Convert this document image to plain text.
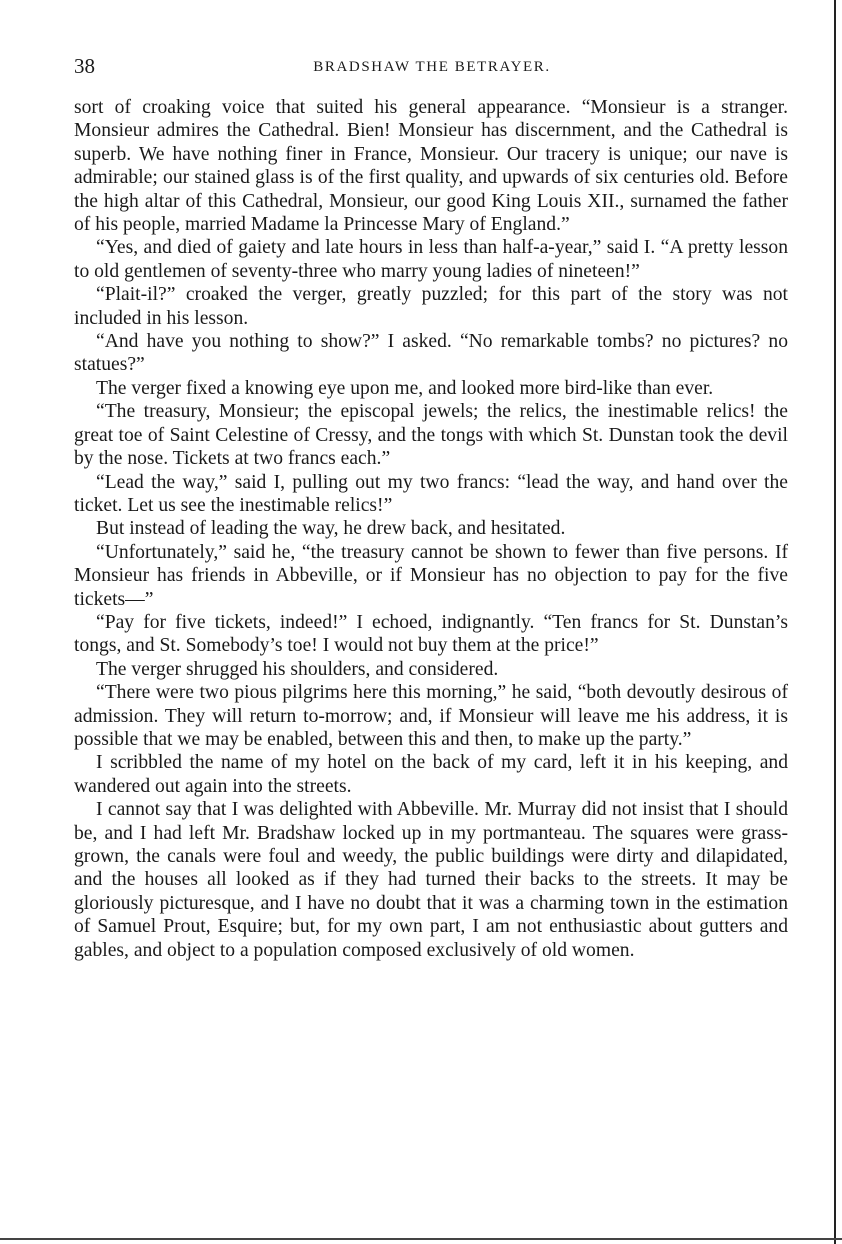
38	BRADSHAW THE BETRAYER.

sort of croaking voice that suited his general appearance. “Monsieur is a stranger. Monsieur admires the Cathedral. Bien! Monsieur has discernment, and the Cathedral is superb. We have nothing finer in France, Monsieur. Our tracery is unique; our nave is admirable; our stained glass is of the first quality, and upwards of six centuries old. Before the high altar of this Cathedral, Monsieur, our good King Louis XII., surnamed the father of his people, married Madame la Princesse Mary of England.”

“Yes, and died of gaiety and late hours in less than half-a-year,” said I. “A pretty lesson to old gentlemen of seventy-three who marry young ladies of nineteen!”

“Plait-il?” croaked the verger, greatly puzzled; for this part of the story was not included in his lesson.

“And have you nothing to show?” I asked. “No remarkable tombs? no pictures? no statues?”

The verger fixed a knowing eye upon me, and looked more bird-like than ever.

“The treasury, Monsieur; the episcopal jewels; the relics, the inestimable relics! the great toe of Saint Celestine of Cressy, and the tongs with which St. Dunstan took the devil by the nose. Tickets at two francs each.”

“Lead the way,” said I, pulling out my two francs: “lead the way, and hand over the ticket. Let us see the inestimable relics!”

But instead of leading the way, he drew back, and hesitated.

“Unfortunately,” said he, “the treasury cannot be shown to fewer than five persons. If Monsieur has friends in Abbeville, or if Monsieur has no objection to pay for the five tickets—”

“Pay for five tickets, indeed!” I echoed, indignantly. “Ten francs for St. Dunstan’s tongs, and St. Somebody’s toe! I would not buy them at the price!”

The verger shrugged his shoulders, and considered.

“There were two pious pilgrims here this morning,” he said, “both devoutly desirous of admission. They will return to-morrow; and, if Monsieur will leave me his address, it is possible that we may be enabled, between this and then, to make up the party.”

I scribbled the name of my hotel on the back of my card, left it in his keeping, and wandered out again into the streets.

I cannot say that I was delighted with Abbeville. Mr. Murray did not insist that I should be, and I had left Mr. Bradshaw locked up in my portmanteau. The squares were grass-grown, the canals were foul and weedy, the public buildings were dirty and dilapidated, and the houses all looked as if they had turned their backs to the streets. It may be gloriously picturesque, and I have no doubt that it was a charming town in the estimation of Samuel Prout, Esquire; but, for my own part, I am not enthusiastic about gutters and gables, and object to a population composed exclusively of old women.
